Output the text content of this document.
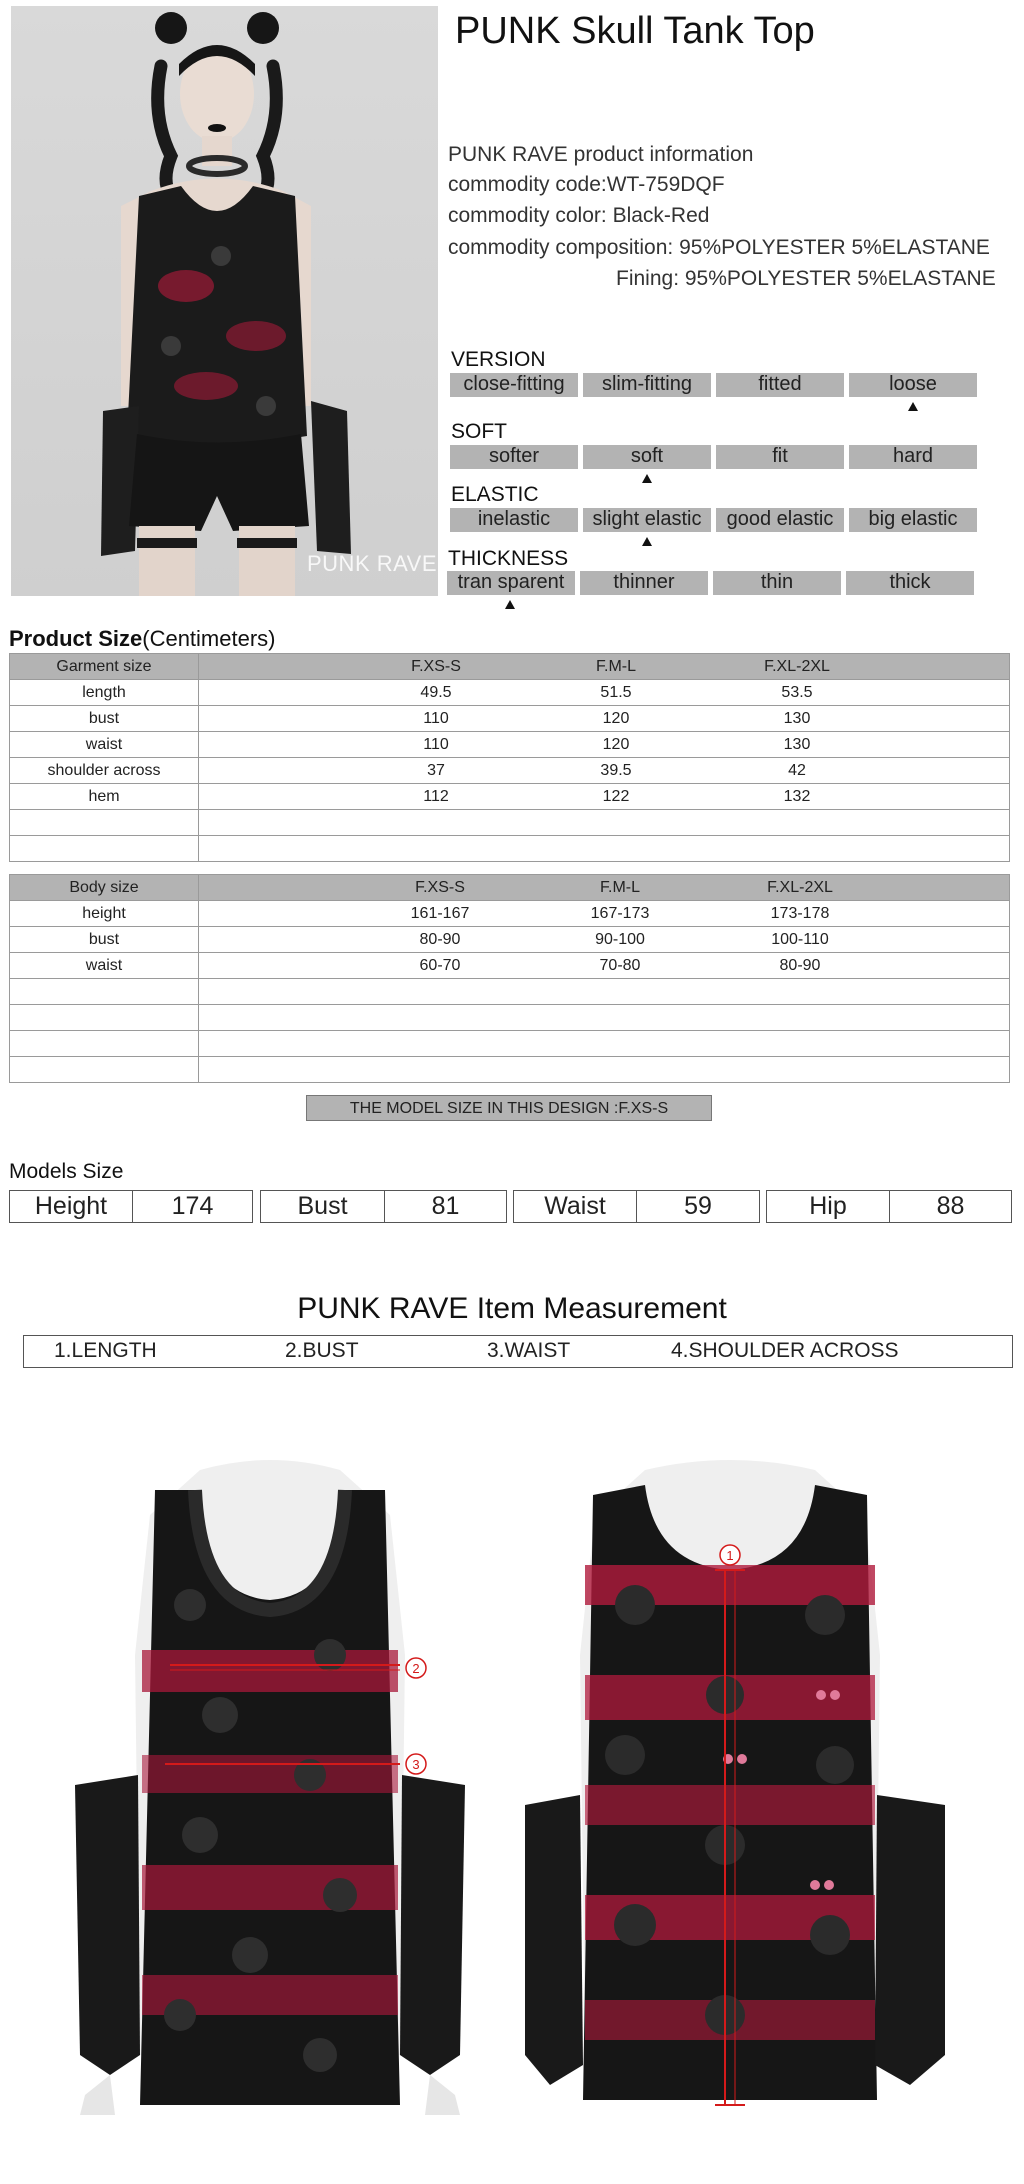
PUNK RAVE
PUNK Skull Tank Top
PUNK RAVE product information
commodity code:WT-759DQF
commodity color: Black-Red
commodity composition: 95%POLYESTER 5%ELASTANE
Fining: 95%POLYESTER 5%ELASTANE
VERSION
close-fitting	slim-fitting	fitted	loose
SOFT
softer	soft	fit	hard
ELASTIC
inelastic	slight elastic	good elastic	big elastic
THICKNESS
tran sparent	thinner	thin	thick
Product Size(Centimeters)
Garment size	F.XS-S F.M-L F.XL-2XL

length	49.5 51.5 53.5

bust	110 120 130

waist	110 120 130

shoulder across	37 39.5 42

hem	112 122 132

Body size	F.XS-S F.M-L F.XL-2XL

height	161-167 167-173 173-178

bust	80-90 90-100 100-110

waist	60-70 70-80 80-90

THE MODEL SIZE IN THIS DESIGN :F.XS-S
Models Size
Height	174	Bust	81	Waist	59	Hip	88
PUNK RAVE Item Measurement
1.LENGTH	2.BUST	3.WAIST	4.SHOULDER ACROSS
2
3
1
